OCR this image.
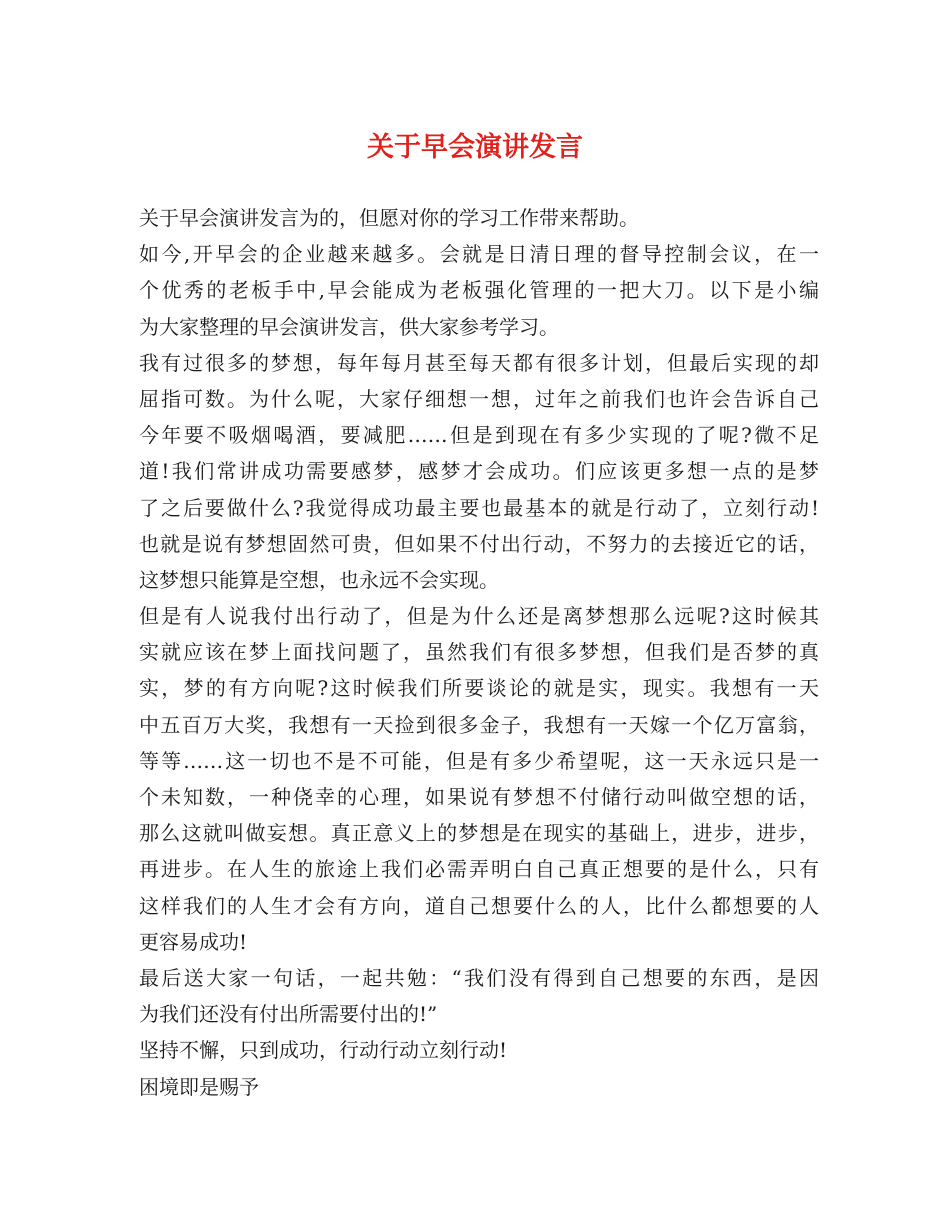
关于早会演讲发言
关于早会演讲发言为的，但愿对你的学习工作带来帮助。
如今,开早会的企业越来越多。会就是日清日理的督导控制会议，在一
个优秀的老板手中,早会能成为老板强化管理的一把大刀。以下是小编
为大家整理的早会演讲发言，供大家参考学习。
我有过很多的梦想，每年每月甚至每天都有很多计划，但最后实现的却
屈指可数。为什么呢，大家仔细想一想，过年之前我们也许会告诉自己
今年要不吸烟喝酒，要减肥……但是到现在有多少实现的了呢?微不足
道!我们常讲成功需要感梦，感梦才会成功。们应该更多想一点的是梦
了之后要做什么?我觉得成功最主要也最基本的就是行动了，立刻行动!
也就是说有梦想固然可贵，但如果不付出行动，不努力的去接近它的话，
这梦想只能算是空想，也永远不会实现。
但是有人说我付出行动了，但是为什么还是离梦想那么远呢?这时候其
实就应该在梦上面找问题了，虽然我们有很多梦想，但我们是否梦的真
实，梦的有方向呢?这时候我们所要谈论的就是实，现实。我想有一天
中五百万大奖，我想有一天捡到很多金子，我想有一天嫁一个亿万富翁，
等等……这一切也不是不可能，但是有多少希望呢，这一天永远只是一
个未知数，一种侥幸的心理，如果说有梦想不付储行动叫做空想的话，
那么这就叫做妄想。真正意义上的梦想是在现实的基础上，进步，进步，
再进步。在人生的旅途上我们必需弄明白自己真正想要的是什么，只有
这样我们的人生才会有方向，道自己想要什么的人，比什么都想要的人
更容易成功!
最后送大家一句话，一起共勉：“我们没有得到自己想要的东西，是因
为我们还没有付出所需要付出的!”
坚持不懈，只到成功，行动行动立刻行动!
困境即是赐予
